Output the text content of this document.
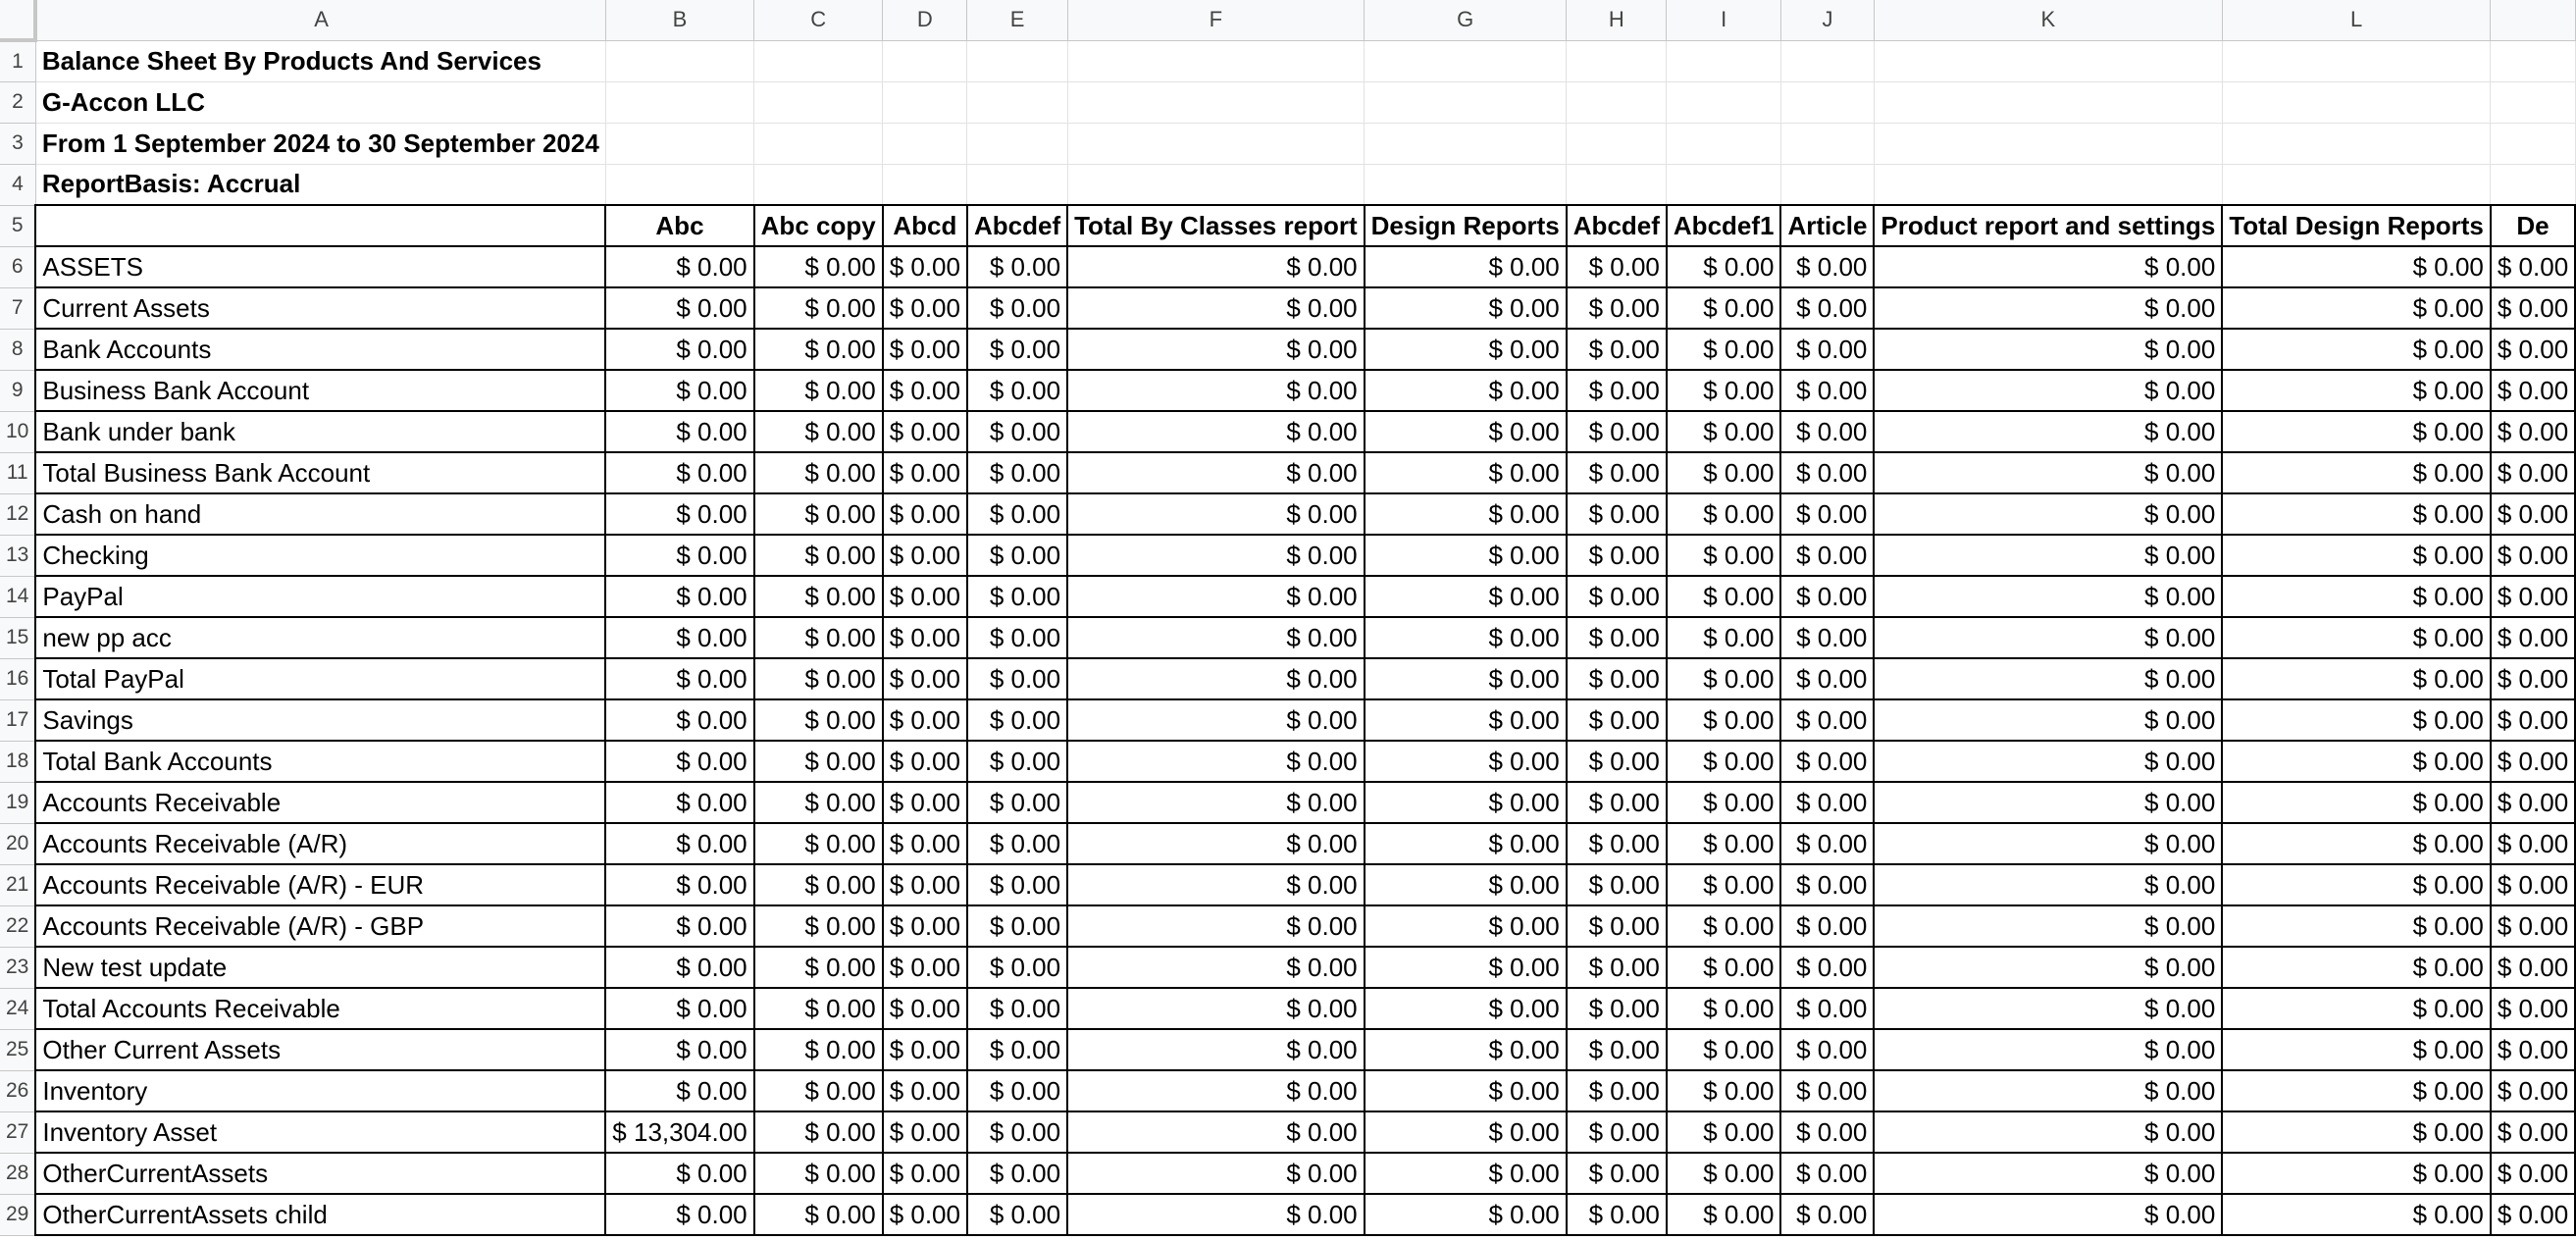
	A	B	C	D	E	F	G	H	I	J	K	L	
1	Balance Sheet By Products And Services												
2	G-Accon LLC												
3	From 1 September 2024 to 30 September 2024												
4	ReportBasis: Accrual												
5		Abc	Abc copy	Abcd	Abcdef	Total By Classes report	Design Reports	Abcdef	Abcdef1	Article	Product report and settings	Total Design Reports	De
6	ASSETS	$ 0.00	$ 0.00	$ 0.00	$ 0.00	$ 0.00	$ 0.00	$ 0.00	$ 0.00	$ 0.00	$ 0.00	$ 0.00	$ 0.00
7	Current Assets	$ 0.00	$ 0.00	$ 0.00	$ 0.00	$ 0.00	$ 0.00	$ 0.00	$ 0.00	$ 0.00	$ 0.00	$ 0.00	$ 0.00
8	Bank Accounts	$ 0.00	$ 0.00	$ 0.00	$ 0.00	$ 0.00	$ 0.00	$ 0.00	$ 0.00	$ 0.00	$ 0.00	$ 0.00	$ 0.00
9	Business Bank Account	$ 0.00	$ 0.00	$ 0.00	$ 0.00	$ 0.00	$ 0.00	$ 0.00	$ 0.00	$ 0.00	$ 0.00	$ 0.00	$ 0.00
10	Bank under bank	$ 0.00	$ 0.00	$ 0.00	$ 0.00	$ 0.00	$ 0.00	$ 0.00	$ 0.00	$ 0.00	$ 0.00	$ 0.00	$ 0.00
11	Total Business Bank Account	$ 0.00	$ 0.00	$ 0.00	$ 0.00	$ 0.00	$ 0.00	$ 0.00	$ 0.00	$ 0.00	$ 0.00	$ 0.00	$ 0.00
12	Cash on hand	$ 0.00	$ 0.00	$ 0.00	$ 0.00	$ 0.00	$ 0.00	$ 0.00	$ 0.00	$ 0.00	$ 0.00	$ 0.00	$ 0.00
13	Checking	$ 0.00	$ 0.00	$ 0.00	$ 0.00	$ 0.00	$ 0.00	$ 0.00	$ 0.00	$ 0.00	$ 0.00	$ 0.00	$ 0.00
14	PayPal	$ 0.00	$ 0.00	$ 0.00	$ 0.00	$ 0.00	$ 0.00	$ 0.00	$ 0.00	$ 0.00	$ 0.00	$ 0.00	$ 0.00
15	new pp acc	$ 0.00	$ 0.00	$ 0.00	$ 0.00	$ 0.00	$ 0.00	$ 0.00	$ 0.00	$ 0.00	$ 0.00	$ 0.00	$ 0.00
16	Total PayPal	$ 0.00	$ 0.00	$ 0.00	$ 0.00	$ 0.00	$ 0.00	$ 0.00	$ 0.00	$ 0.00	$ 0.00	$ 0.00	$ 0.00
17	Savings	$ 0.00	$ 0.00	$ 0.00	$ 0.00	$ 0.00	$ 0.00	$ 0.00	$ 0.00	$ 0.00	$ 0.00	$ 0.00	$ 0.00
18	Total Bank Accounts	$ 0.00	$ 0.00	$ 0.00	$ 0.00	$ 0.00	$ 0.00	$ 0.00	$ 0.00	$ 0.00	$ 0.00	$ 0.00	$ 0.00
19	Accounts Receivable	$ 0.00	$ 0.00	$ 0.00	$ 0.00	$ 0.00	$ 0.00	$ 0.00	$ 0.00	$ 0.00	$ 0.00	$ 0.00	$ 0.00
20	Accounts Receivable (A/R)	$ 0.00	$ 0.00	$ 0.00	$ 0.00	$ 0.00	$ 0.00	$ 0.00	$ 0.00	$ 0.00	$ 0.00	$ 0.00	$ 0.00
21	Accounts Receivable (A/R) - EUR	$ 0.00	$ 0.00	$ 0.00	$ 0.00	$ 0.00	$ 0.00	$ 0.00	$ 0.00	$ 0.00	$ 0.00	$ 0.00	$ 0.00
22	Accounts Receivable (A/R) - GBP	$ 0.00	$ 0.00	$ 0.00	$ 0.00	$ 0.00	$ 0.00	$ 0.00	$ 0.00	$ 0.00	$ 0.00	$ 0.00	$ 0.00
23	New test update	$ 0.00	$ 0.00	$ 0.00	$ 0.00	$ 0.00	$ 0.00	$ 0.00	$ 0.00	$ 0.00	$ 0.00	$ 0.00	$ 0.00
24	Total Accounts Receivable	$ 0.00	$ 0.00	$ 0.00	$ 0.00	$ 0.00	$ 0.00	$ 0.00	$ 0.00	$ 0.00	$ 0.00	$ 0.00	$ 0.00
25	Other Current Assets	$ 0.00	$ 0.00	$ 0.00	$ 0.00	$ 0.00	$ 0.00	$ 0.00	$ 0.00	$ 0.00	$ 0.00	$ 0.00	$ 0.00
26	Inventory	$ 0.00	$ 0.00	$ 0.00	$ 0.00	$ 0.00	$ 0.00	$ 0.00	$ 0.00	$ 0.00	$ 0.00	$ 0.00	$ 0.00
27	Inventory Asset	$ 13,304.00	$ 0.00	$ 0.00	$ 0.00	$ 0.00	$ 0.00	$ 0.00	$ 0.00	$ 0.00	$ 0.00	$ 0.00	$ 0.00
28	OtherCurrentAssets	$ 0.00	$ 0.00	$ 0.00	$ 0.00	$ 0.00	$ 0.00	$ 0.00	$ 0.00	$ 0.00	$ 0.00	$ 0.00	$ 0.00
29	OtherCurrentAssets child	$ 0.00	$ 0.00	$ 0.00	$ 0.00	$ 0.00	$ 0.00	$ 0.00	$ 0.00	$ 0.00	$ 0.00	$ 0.00	$ 0.00
